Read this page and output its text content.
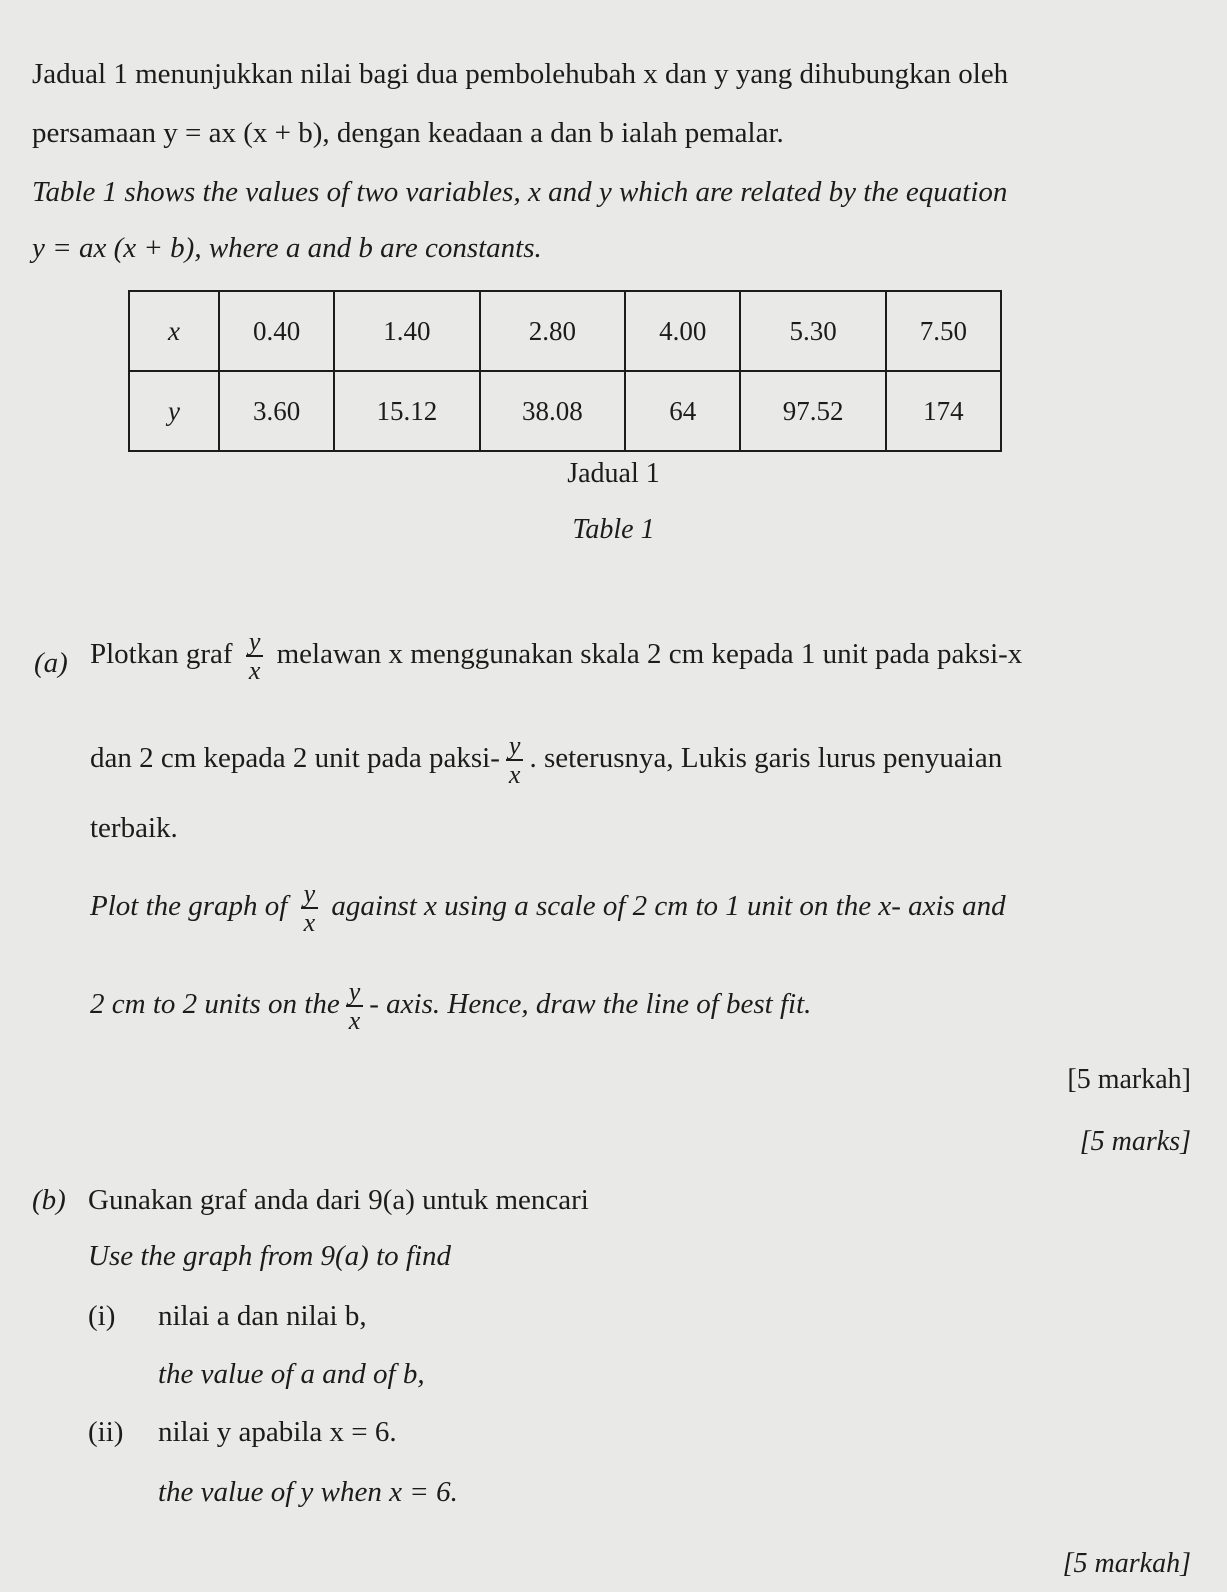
Jadual 1 menunjukkan nilai bagi dua pembolehubah x dan y yang dihubungkan oleh
persamaan y = ax (x + b), dengan keadaan a dan b ialah pemalar.
Table 1 shows the values of two variables, x and y which are related by the equation
y = ax (x + b), where a and b are constants.
x	0.40	1.40	2.80	4.00	5.30	7.50
y	3.60	15.12	38.08	64	97.52	174
Jadual 1
Table 1
(a) Plotkan graf $\frac{y}{x}$ melawan x menggunakan skala 2 cm kepada 1 unit pada paksi-x
dan 2 cm kepada 2 unit pada paksi- $\frac{y}{x}$ . seterusnya, Lukis garis lurus penyuaian
terbaik.
Plot the graph of $\frac{y}{x}$ against x using a scale of 2 cm to 1 unit on the x- axis and
2 cm to 2 units on the $\frac{y}{x}$ - axis. Hence, draw the line of best fit.
[5 markah]
[5 marks]
(b) Gunakan graf anda dari 9(a) untuk mencari
Use the graph from 9(a) to find
(i) nilai a dan nilai b,
the value of a and of b,
(ii) nilai y apabila x = 6.
the value of y when x = 6.
[5 markah]
